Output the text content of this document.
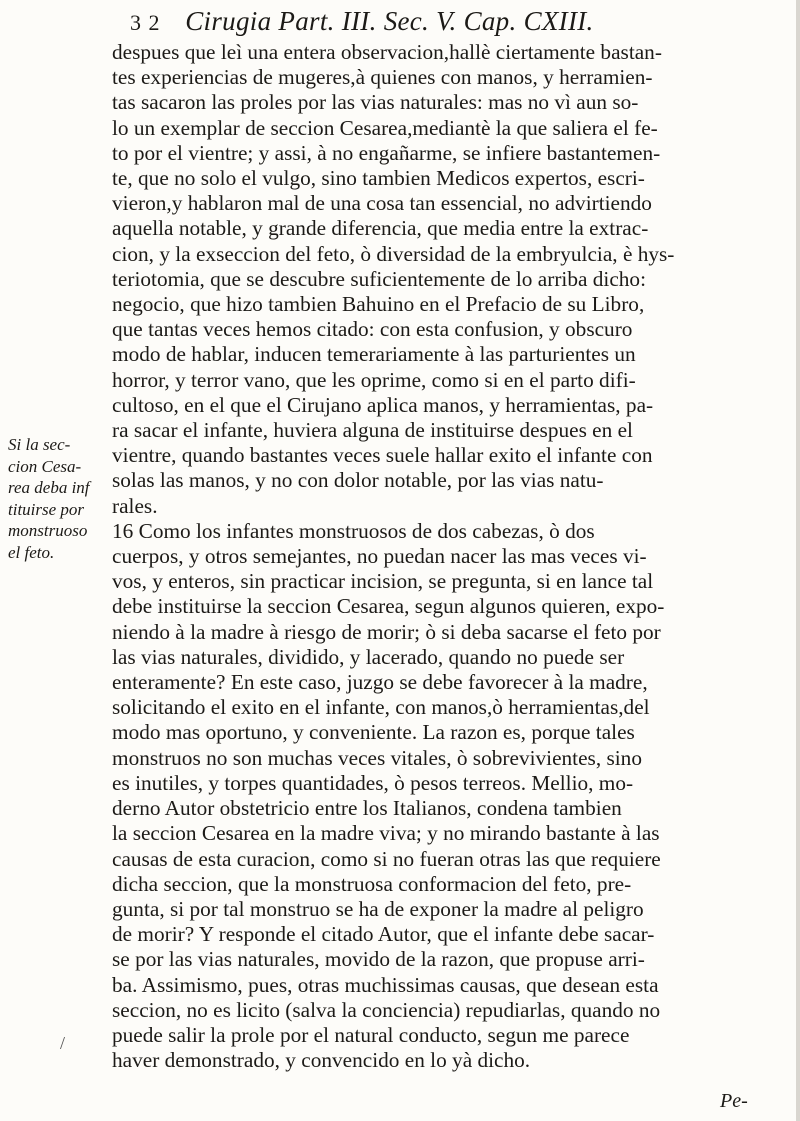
3 2 Cirugia Part. III. Sec. V. Cap. CXIII.
Si la sec-
cion Cesa-
rea deba inf
tituirse por
monstruoso
el feto.
/
despues que leì una entera observacion,hallè ciertamente bastan-
tes experiencias de mugeres,à quienes con manos, y herramien-
tas sacaron las proles por las vias naturales: mas no vì aun so-
lo un exemplar de seccion Cesarea,mediantè la que saliera el fe-
to por el vientre; y assi, à no engañarme, se infiere bastantemen-
te, que no solo el vulgo, sino tambien Medicos expertos, escri-
vieron,y hablaron mal de una cosa tan essencial, no advirtiendo
aquella notable, y grande diferencia, que media entre la extrac-
cion, y la exseccion del feto, ò diversidad de la embryulcia, è hys-
teriotomia, que se descubre suficientemente de lo arriba dicho:
negocio, que hizo tambien Bahuino en el Prefacio de su Libro,
que tantas veces hemos citado: con esta confusion, y obscuro
modo de hablar, inducen temerariamente à las parturientes un
horror, y terror vano, que les oprime, como si en el parto difi-
cultoso, en el que el Cirujano aplica manos, y herramientas, pa-
ra sacar el infante, huviera alguna de instituirse despues en el
vientre, quando bastantes veces suele hallar exito el infante con
solas las manos, y no con dolor notable, por las vias natu-
rales.
16 Como los infantes monstruosos de dos cabezas, ò dos
cuerpos, y otros semejantes, no puedan nacer las mas veces vi-
vos, y enteros, sin practicar incision, se pregunta, si en lance tal
debe instituirse la seccion Cesarea, segun algunos quieren, expo-
niendo à la madre à riesgo de morir; ò si deba sacarse el feto por
las vias naturales, dividido, y lacerado, quando no puede ser
enteramente? En este caso, juzgo se debe favorecer à la madre,
solicitando el exito en el infante, con manos,ò herramientas,del
modo mas oportuno, y conveniente. La razon es, porque tales
monstruos no son muchas veces vitales, ò sobrevivientes, sino
es inutiles, y torpes quantidades, ò pesos terreos. Mellio, mo-
derno Autor obstetricio entre los Italianos, condena tambien
la seccion Cesarea en la madre viva; y no mirando bastante à las
causas de esta curacion, como si no fueran otras las que requiere
dicha seccion, que la monstruosa conformacion del feto, pre-
gunta, si por tal monstruo se ha de exponer la madre al peligro
de morir? Y responde el citado Autor, que el infante debe sacar-
se por las vias naturales, movido de la razon, que propuse arri-
ba. Assimismo, pues, otras muchissimas causas, que desean esta
seccion, no es licito (salva la conciencia) repudiarlas, quando no
puede salir la prole por el natural conducto, segun me parece
haver demonstrado, y convencido en lo yà dicho.
Pe-
